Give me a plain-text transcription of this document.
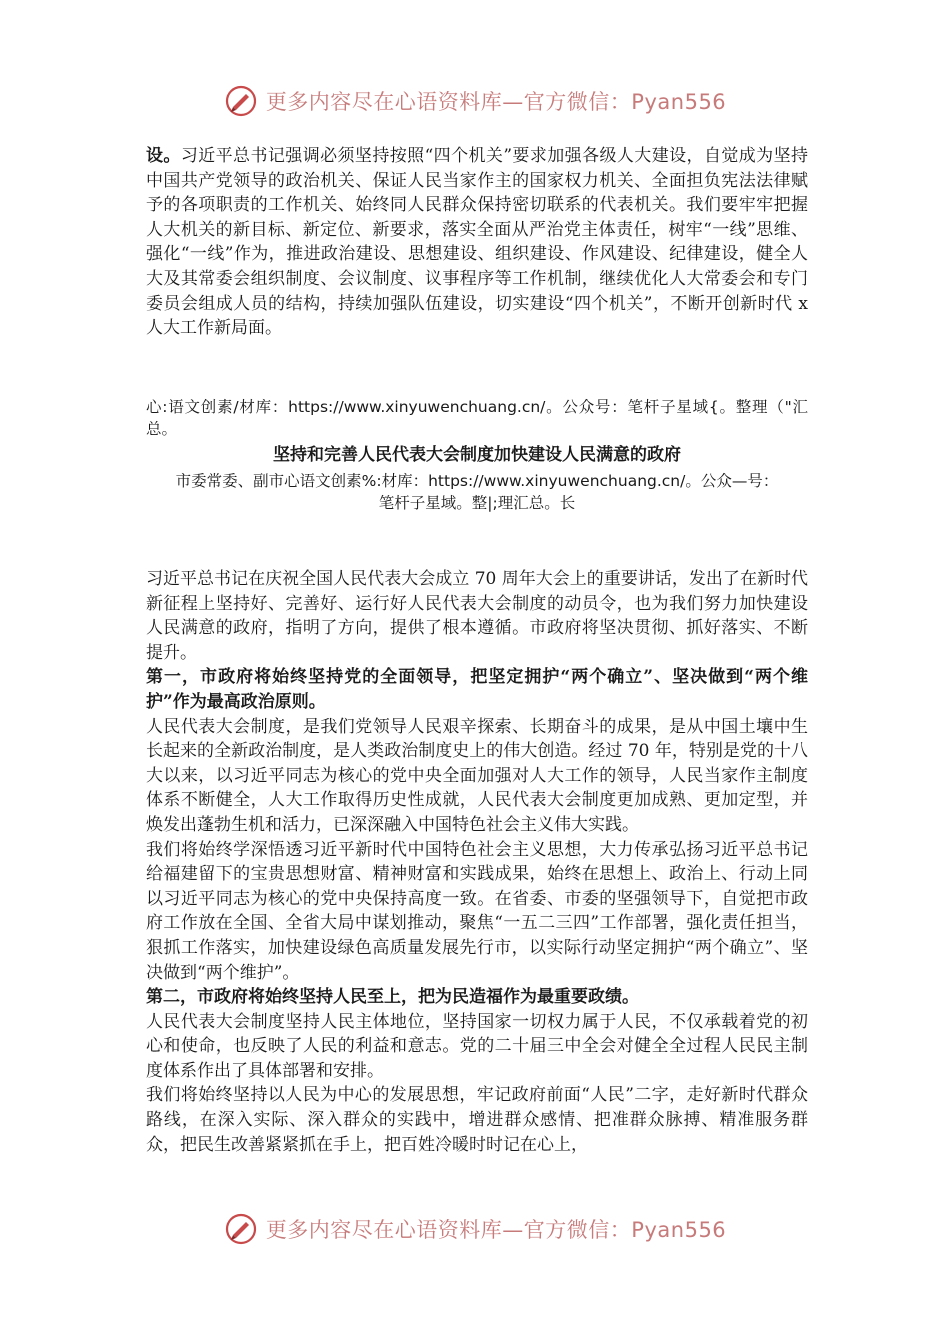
更多内容尽在心语资料库—官方微信：Pyan556

设。习近平总书记强调必须坚持按照“四个机关”要求加强各级人大建设，自觉成为坚持中国共产党领导的政治机关、保证人民当家作主的国家权力机关、全面担负宪法法律赋予的各项职责的工作机关、始终同人民群众保持密切联系的代表机关。我们要牢牢把握人大机关的新目标、新定位、新要求，落实全面从严治党主体责任，树牢“一线”思维、强化“一线”作为，推进政治建设、思想建设、组织建设、作风建设、纪律建设，健全人大及其常委会组织制度、会议制度、议事程序等工作机制，继续优化人大常委会和专门委员会组成人员的结构，持续加强队伍建设，切实建设“四个机关”，不断开创新时代 x 人大工作新局面。

心:语文创素/材库：https://www.xinyuwenchuang.cn/。公众号：笔杆子星域{。整理（"汇总。

坚持和完善人民代表大会制度加快建设人民满意的政府

市委常委、副市心语文创素%:材库：https://www.xinyuwenchuang.cn/。公众—号：

笔杆子星域。整|;理汇总。长

习近平总书记在庆祝全国人民代表大会成立 70 周年大会上的重要讲话，发出了在新时代新征程上坚持好、完善好、运行好人民代表大会制度的动员令，也为我们努力加快建设人民满意的政府，指明了方向，提供了根本遵循。市政府将坚决贯彻、抓好落实、不断提升。

第一，市政府将始终坚持党的全面领导，把坚定拥护“两个确立”、坚决做到“两个维护”作为最高政治原则。

人民代表大会制度，是我们党领导人民艰辛探索、长期奋斗的成果，是从中国土壤中生长起来的全新政治制度，是人类政治制度史上的伟大创造。经过 70 年，特别是党的十八大以来，以习近平同志为核心的党中央全面加强对人大工作的领导，人民当家作主制度体系不断健全，人大工作取得历史性成就，人民代表大会制度更加成熟、更加定型，并焕发出蓬勃生机和活力，已深深融入中国特色社会主义伟大实践。

我们将始终学深悟透习近平新时代中国特色社会主义思想，大力传承弘扬习近平总书记给福建留下的宝贵思想财富、精神财富和实践成果，始终在思想上、政治上、行动上同以习近平同志为核心的党中央保持高度一致。在省委、市委的坚强领导下，自觉把市政府工作放在全国、全省大局中谋划推动，聚焦“一五二三四”工作部署，强化责任担当，狠抓工作落实，加快建设绿色高质量发展先行市，以实际行动坚定拥护“两个确立”、坚决做到“两个维护”。

第二，市政府将始终坚持人民至上，把为民造福作为最重要政绩。

人民代表大会制度坚持人民主体地位，坚持国家一切权力属于人民，不仅承载着党的初心和使命，也反映了人民的利益和意志。党的二十届三中全会对健全全过程人民民主制度体系作出了具体部署和安排。

我们将始终坚持以人民为中心的发展思想，牢记政府前面“人民”二字，走好新时代群众路线，在深入实际、深入群众的实践中，增进群众感情、把准群众脉搏、精准服务群众，把民生改善紧紧抓在手上，把百姓冷暖时时记在心上，

更多内容尽在心语资料库—官方微信：Pyan556
